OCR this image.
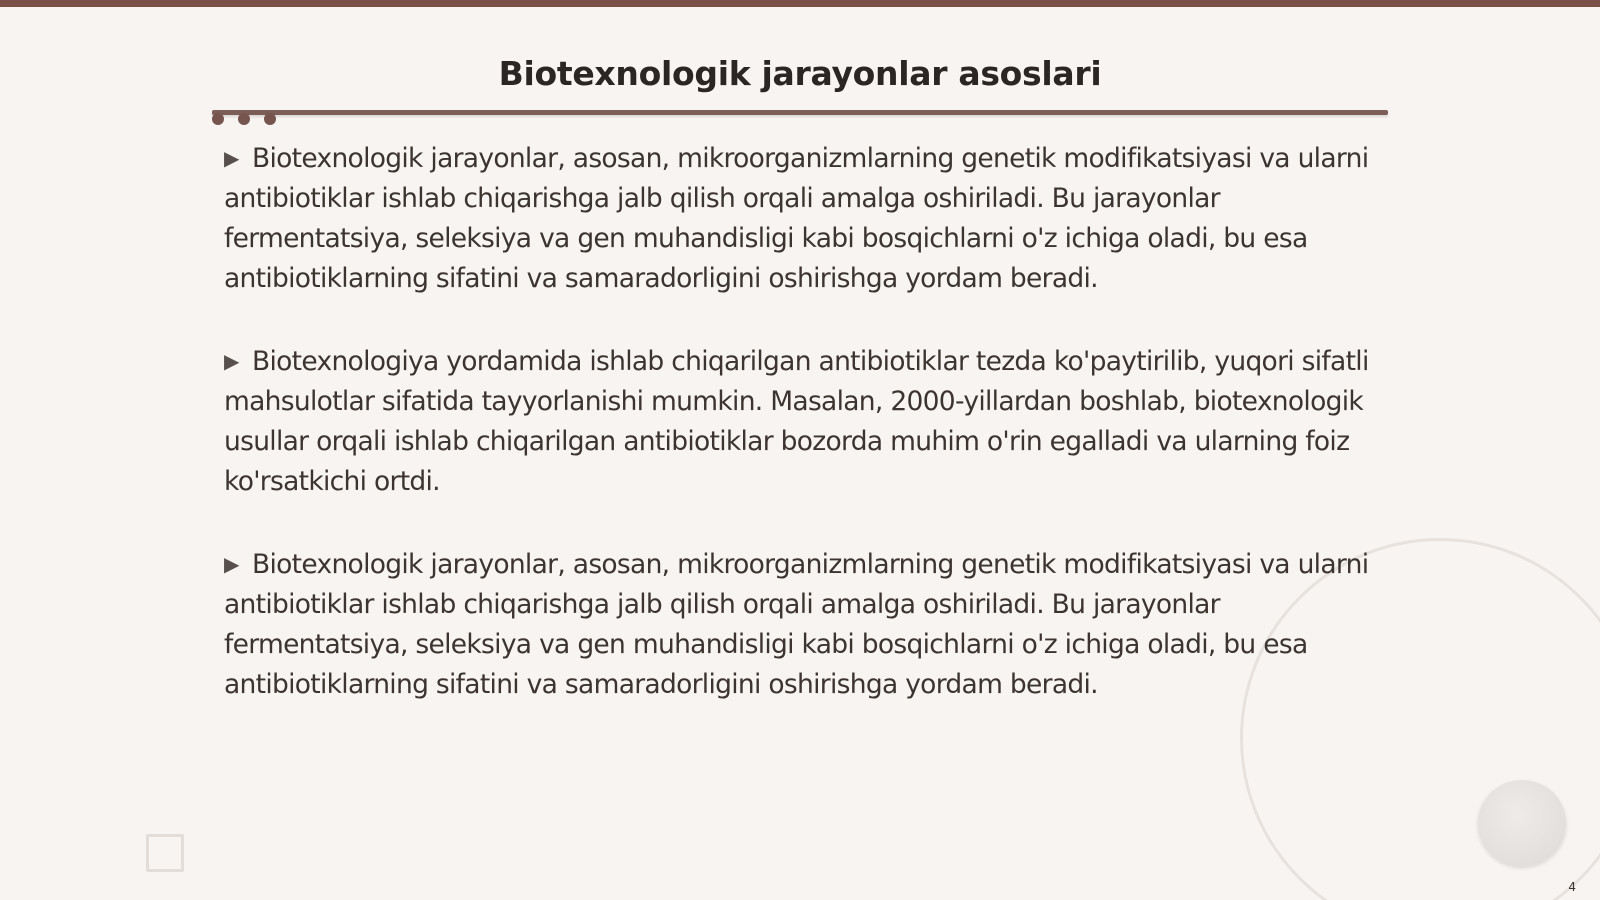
Biotexnologik jarayonlar asoslari

▶ Biotexnologik jarayonlar, asosan, mikroorganizmlarning genetik modifikatsiyasi va ularni antibiotiklar ishlab chiqarishga jalb qilish orqali amalga oshiriladi. Bu jarayonlar fermentatsiya, seleksiya va gen muhandisligi kabi bosqichlarni o'z ichiga oladi, bu esa antibiotiklarning sifatini va samaradorligini oshirishga yordam beradi.

▶ Biotexnologiya yordamida ishlab chiqarilgan antibiotiklar tezda ko'paytirilib, yuqori sifatli mahsulotlar sifatida tayyorlanishi mumkin. Masalan, 2000-yillardan boshlab, biotexnologik usullar orqali ishlab chiqarilgan antibiotiklar bozorda muhim o'rin egalladi va ularning foiz ko'rsatkichi ortdi.

▶ Biotexnologik jarayonlar, asosan, mikroorganizmlarning genetik modifikatsiyasi va ularni antibiotiklar ishlab chiqarishga jalb qilish orqali amalga oshiriladi. Bu jarayonlar fermentatsiya, seleksiya va gen muhandisligi kabi bosqichlarni o'z ichiga oladi, bu esa antibiotiklarning sifatini va samaradorligini oshirishga yordam beradi.

4
